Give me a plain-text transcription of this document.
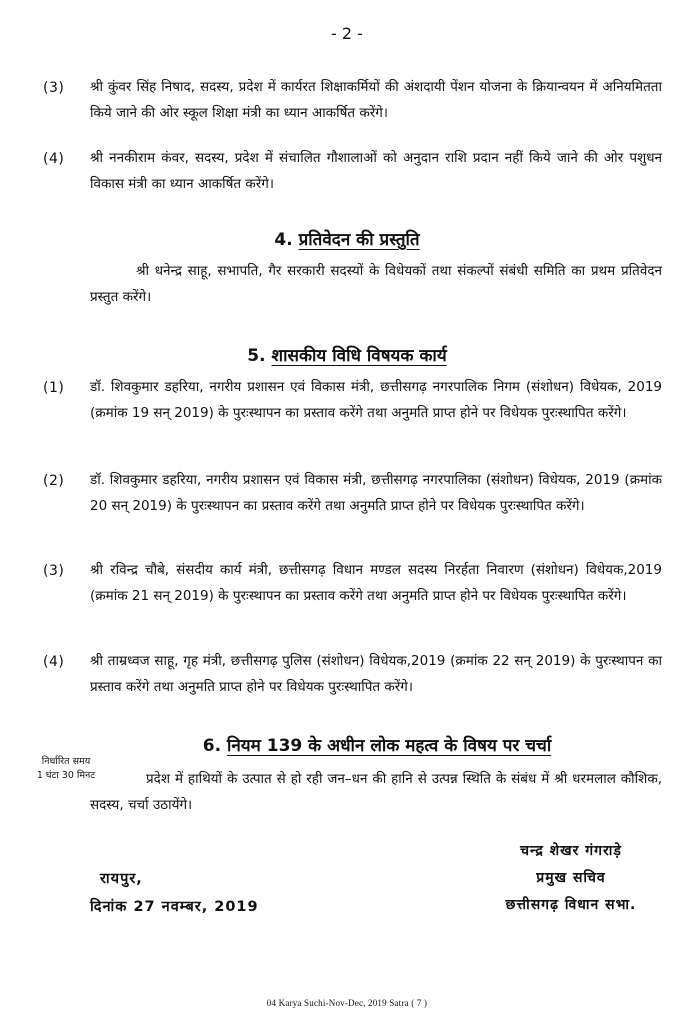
- 2 -
(3) श्री कुंवर सिंह निषाद, सदस्य, प्रदेश में कार्यरत शिक्षाकर्मियों की अंशदायी पेंशन योजना के क्रियान्वयन में अनियमितता किये जाने की ओर स्कूल शिक्षा मंत्री का ध्यान आकर्षित करेंगे।
(4) श्री ननकीराम कंवर, सदस्य, प्रदेश में संचालित गौशालाओं को अनुदान राशि प्रदान नहीं किये जाने की ओर पशुधन विकास मंत्री का ध्यान आकर्षित करेंगे।
4. प्रतिवेदन की प्रस्तुति
श्री धनेन्द्र साहू, सभापति, गैर सरकारी सदस्यों के विधेयकों तथा संकल्पों संबंधी समिति का प्रथम प्रतिवेदन प्रस्तुत करेंगे।
5. शासकीय विधि विषयक कार्य
(1) डॉ. शिवकुमार डहरिया, नगरीय प्रशासन एवं विकास मंत्री, छत्तीसगढ़ नगरपालिक निगम (संशोधन) विधेयक, 2019 (क्रमांक 19 सन् 2019) के पुरःस्थापन का प्रस्ताव करेंगे तथा अनुमति प्राप्त होने पर विधेयक पुरःस्थापित करेंगे।
(2) डॉ. शिवकुमार डहरिया, नगरीय प्रशासन एवं विकास मंत्री, छत्तीसगढ़ नगरपालिका (संशोधन) विधेयक, 2019 (क्रमांक 20 सन् 2019) के पुरःस्थापन का प्रस्ताव करेंगे तथा अनुमति प्राप्त होने पर विधेयक पुरःस्थापित करेंगे।
(3) श्री रविन्द्र चौबे, संसदीय कार्य मंत्री, छत्तीसगढ़ विधान मण्डल सदस्य निरर्हता निवारण (संशोधन) विधेयक,2019 (क्रमांक 21 सन् 2019) के पुरःस्थापन का प्रस्ताव करेंगे तथा अनुमति प्राप्त होने पर विधेयक पुरःस्थापित करेंगे।
(4) श्री ताम्रध्वज साहू, गृह मंत्री, छत्तीसगढ़ पुलिस (संशोधन) विधेयक,2019 (क्रमांक 22 सन् 2019) के पुरःस्थापन का प्रस्ताव करेंगे तथा अनुमति प्राप्त होने पर विधेयक पुरःस्थापित करेंगे।
6. नियम 139 के अधीन लोक महत्व के विषय पर चर्चा
निर्धारित समय
1 घंटा 30 मिनट	प्रदेश में हाथियों के उत्पात से हो रही जन–धन की हानि से उत्पन्न स्थिति के संबंध में श्री धरमलाल कौशिक, सदस्य, चर्चा उठायेंगे।
चन्द्र शेखर गंगराड़े
प्रमुख सचिव
छत्तीसगढ़ विधान सभा.
रायपुर,
दिनांक 27 नवम्बर, 2019
04 Karya Suchi-Nov-Dec, 2019 Satra ( 7 )
